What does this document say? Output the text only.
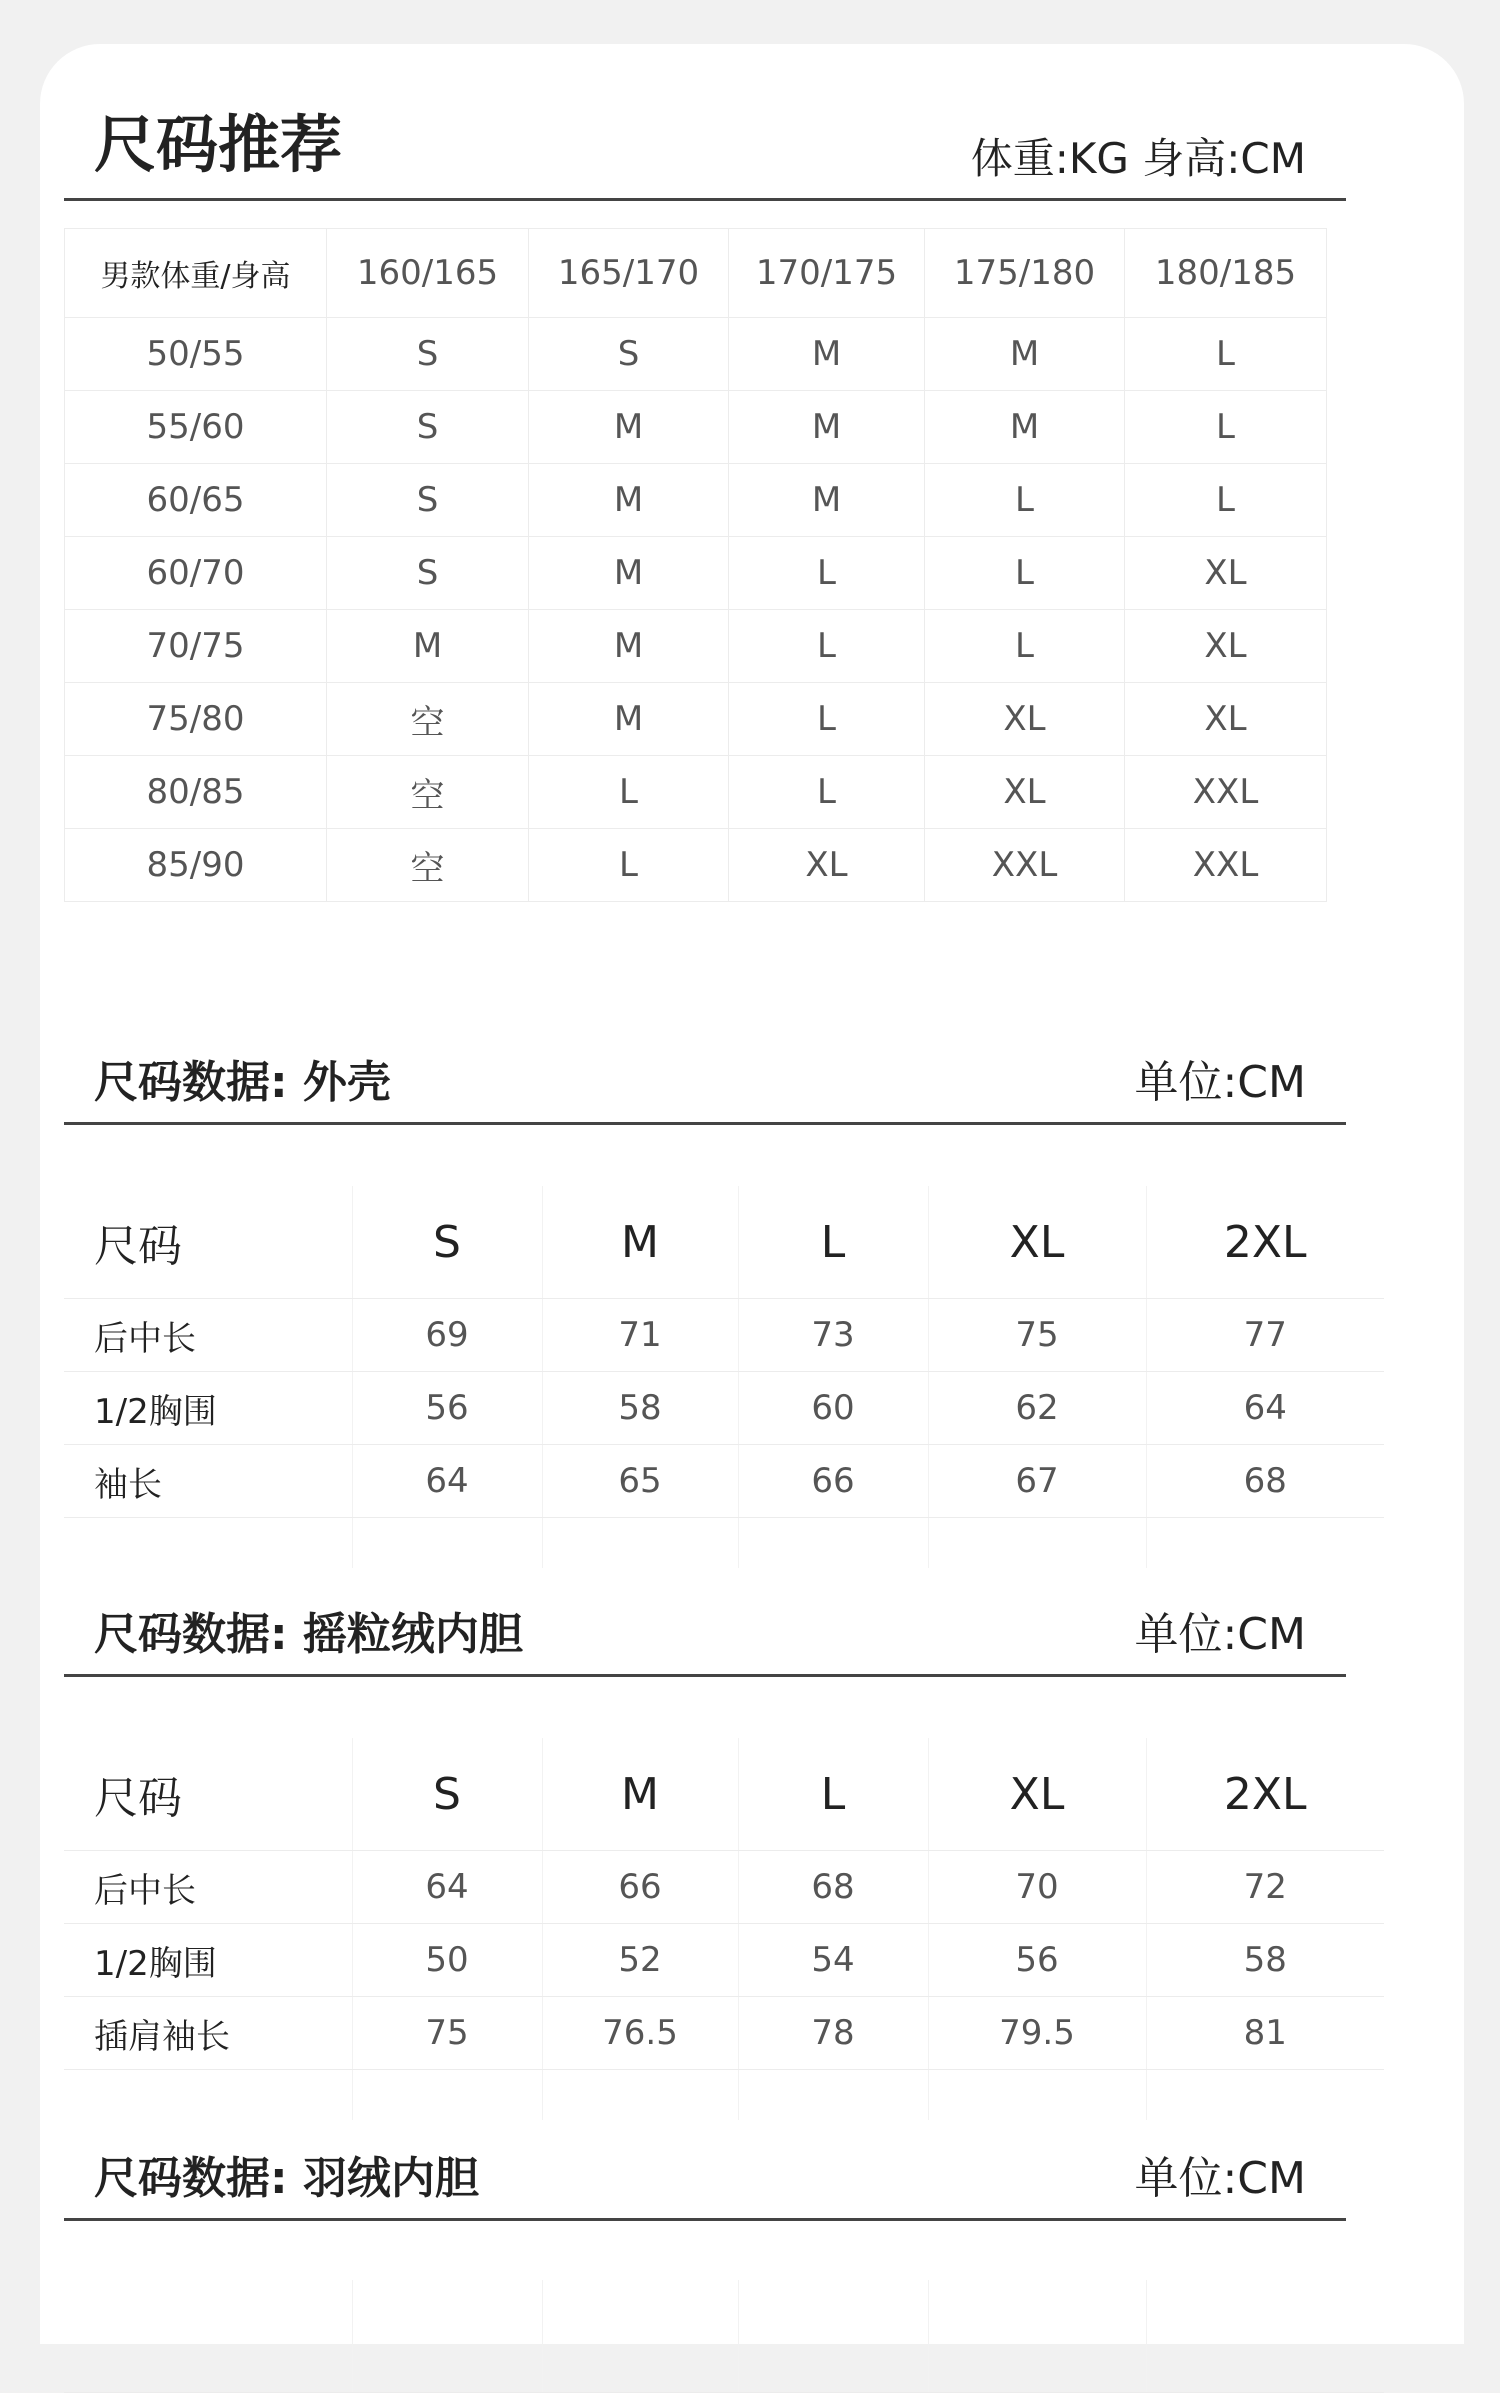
尺码推荐	体重:KG 身高:CM
男款体重/身高	160/165	165/170	170/175	175/180	180/185
50/55	S	S	M	M	L
55/60	S	M	M	M	L
60/65	S	M	M	L	L
60/70	S	M	L	L	XL
70/75	M	M	L	L	XL
75/80	空	M	L	XL	XL
80/85	空	L	L	XL	XXL
85/90	空	L	XL	XXL	XXL
尺码数据: 外壳	单位:CM
尺码	S	M	L	XL	2XL
后中长	69	71	73	75	77
1/2胸围	56	58	60	62	64
袖长	64	65	66	67	68

尺码数据: 摇粒绒内胆	单位:CM
尺码	S	M	L	XL	2XL
后中长	64	66	68	70	72
1/2胸围	50	52	54	56	58
插肩袖长	75	76.5	78	79.5	81

尺码数据: 羽绒内胆	单位:CM
